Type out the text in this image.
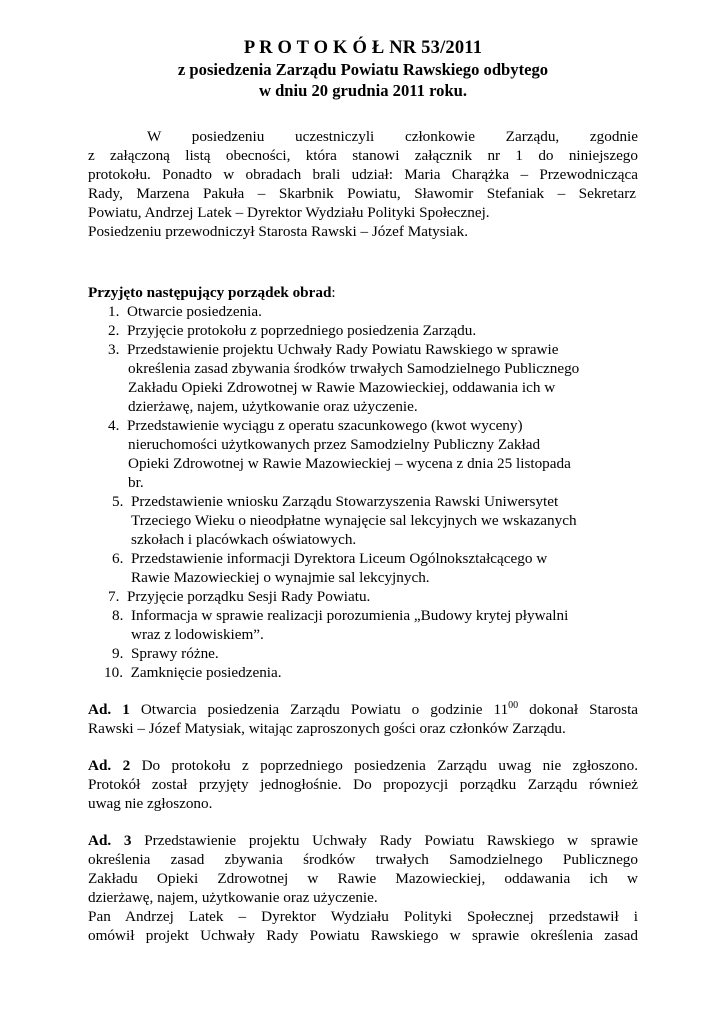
P R O T O K Ó Ł NR 53/2011
z posiedzenia Zarządu Powiatu Rawskiego odbytego
w dniu 20 grudnia 2011 roku.

W posiedzeniu uczestniczyli członkowie Zarządu, zgodnie

z załączoną listą obecności, która stanowi załącznik nr 1 do niniejszego

protokołu. Ponadto w obradach brali udział: Maria Charążka – Przewodnicząca

Rady, Marzena Pakuła – Skarbnik Powiatu, Sławomir Stefaniak – Sekretarz

Powiatu, Andrzej Latek – Dyrektor Wydziału Polityki Społecznej.

Posiedzeniu przewodniczył Starosta Rawski – Józef Matysiak.

Przyjęto następujący porządek obrad:

1. Otwarcie posiedzenia.
2. Przyjęcie protokołu z poprzedniego posiedzenia Zarządu.
3. Przedstawienie projektu Uchwały Rady Powiatu Rawskiego w sprawie
określenia zasad zbywania środków trwałych Samodzielnego Publicznego
Zakładu Opieki Zdrowotnej w Rawie Mazowieckiej, oddawania ich w
dzierżawę, najem, użytkowanie oraz użyczenie.
4. Przedstawienie wyciągu z operatu szacunkowego (kwot wyceny)
nieruchomości użytkowanych przez Samodzielny Publiczny Zakład
Opieki Zdrowotnej w Rawie Mazowieckiej – wycena z dnia 25 listopada
br.
5. Przedstawienie wniosku Zarządu Stowarzyszenia Rawski Uniwersytet
Trzeciego Wieku o nieodpłatne wynajęcie sal lekcyjnych we wskazanych
szkołach i placówkach oświatowych.
6. Przedstawienie informacji Dyrektora Liceum Ogólnokształcącego w
Rawie Mazowieckiej o wynajmie sal lekcyjnych.
7. Przyjęcie porządku Sesji Rady Powiatu.
8. Informacja w sprawie realizacji porozumienia „Budowy krytej pływalni
wraz z lodowiskiem”.
9. Sprawy różne.
10. Zamknięcie posiedzenia.

Ad. 1 Otwarcia posiedzenia Zarządu Powiatu o godzinie $11^{00}$ dokonał Starosta

Rawski – Józef Matysiak, witając zaproszonych gości oraz członków Zarządu.

Ad. 2 Do protokołu z poprzedniego posiedzenia Zarządu uwag nie zgłoszono.

Protokół został przyjęty jednogłośnie. Do propozycji porządku Zarządu również

uwag nie zgłoszono.

Ad. 3 Przedstawienie projektu Uchwały Rady Powiatu Rawskiego w sprawie

określenia zasad zbywania środków trwałych Samodzielnego Publicznego

Zakładu Opieki Zdrowotnej w Rawie Mazowieckiej, oddawania ich w

dzierżawę, najem, użytkowanie oraz użyczenie.

Pan Andrzej Latek – Dyrektor Wydziału Polityki Społecznej przedstawił i

omówił projekt Uchwały Rady Powiatu Rawskiego w sprawie określenia zasad
